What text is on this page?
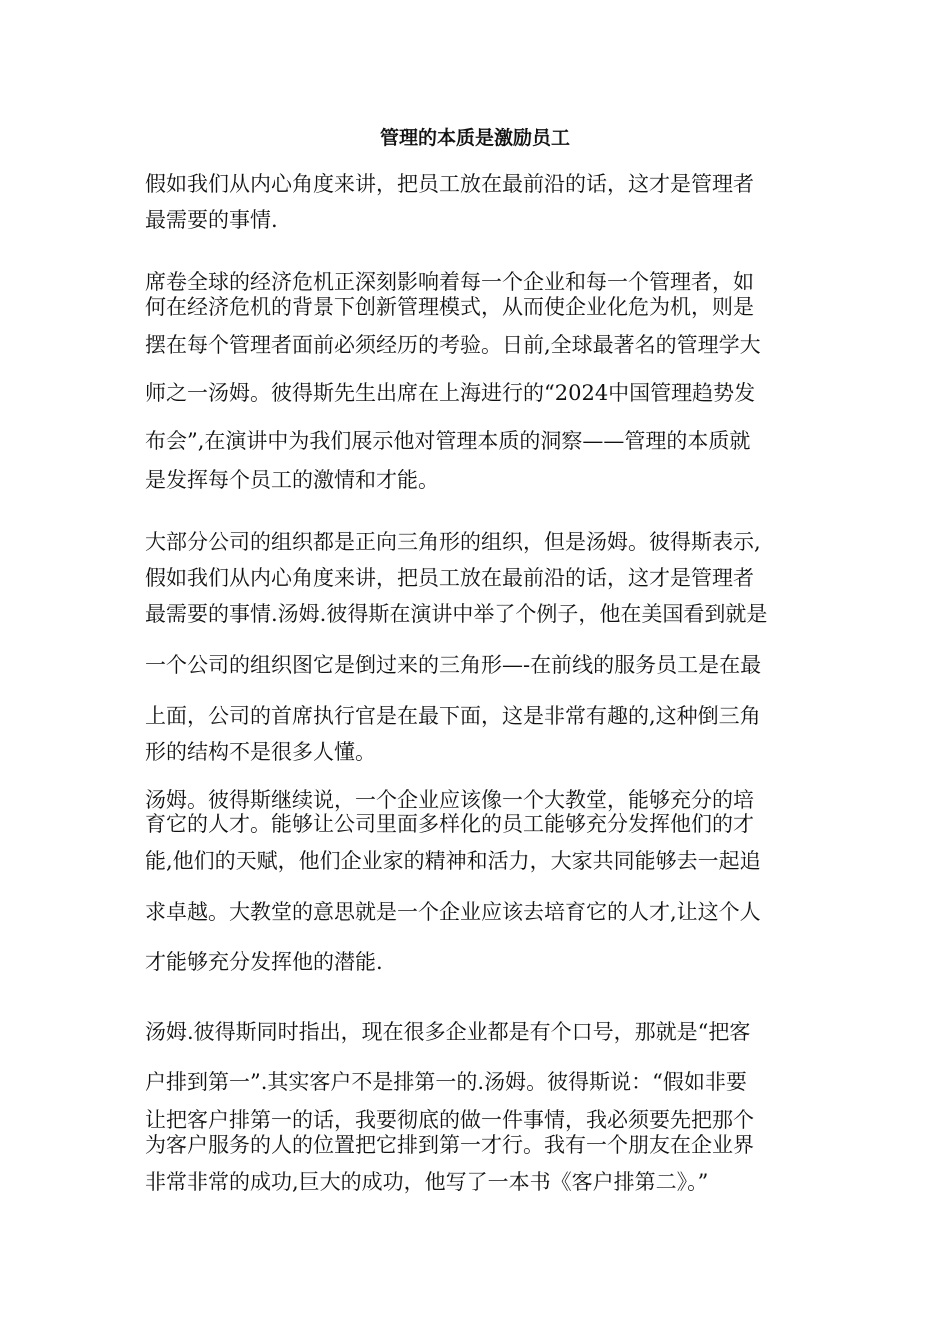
管理的本质是激励员工

假如我们从内心角度来讲，把员工放在最前沿的话，这才是管理者

最需要的事情.

席卷全球的经济危机正深刻影响着每一个企业和每一个管理者，如

何在经济危机的背景下创新管理模式，从而使企业化危为机，则是

摆在每个管理者面前必须经历的考验。日前,全球最著名的管理学大

师之一汤姆。彼得斯先生出席在上海进行的“2024中国管理趋势发

布会”,在演讲中为我们展示他对管理本质的洞察——管理的本质就

是发挥每个员工的激情和才能。

大部分公司的组织都是正向三角形的组织，但是汤姆。彼得斯表示,

假如我们从内心角度来讲，把员工放在最前沿的话，这才是管理者

最需要的事情.汤姆.彼得斯在演讲中举了个例子，他在美国看到就是

一个公司的组织图它是倒过来的三角形—-在前线的服务员工是在最

上面，公司的首席执行官是在最下面，这是非常有趣的,这种倒三角

形的结构不是很多人懂。

汤姆。彼得斯继续说，一个企业应该像一个大教堂，能够充分的培

育它的人才。能够让公司里面多样化的员工能够充分发挥他们的才

能,他们的天赋，他们企业家的精神和活力，大家共同能够去一起追

求卓越。大教堂的意思就是一个企业应该去培育它的人才,让这个人

才能够充分发挥他的潜能.

汤姆.彼得斯同时指出，现在很多企业都是有个口号，那就是“把客

户排到第一”.其实客户不是排第一的.汤姆。彼得斯说：“假如非要

让把客户排第一的话，我要彻底的做一件事情，我必须要先把那个

为客户服务的人的位置把它排到第一才行。我有一个朋友在企业界

非常非常的成功,巨大的成功，他写了一本书《客户排第二》。”
